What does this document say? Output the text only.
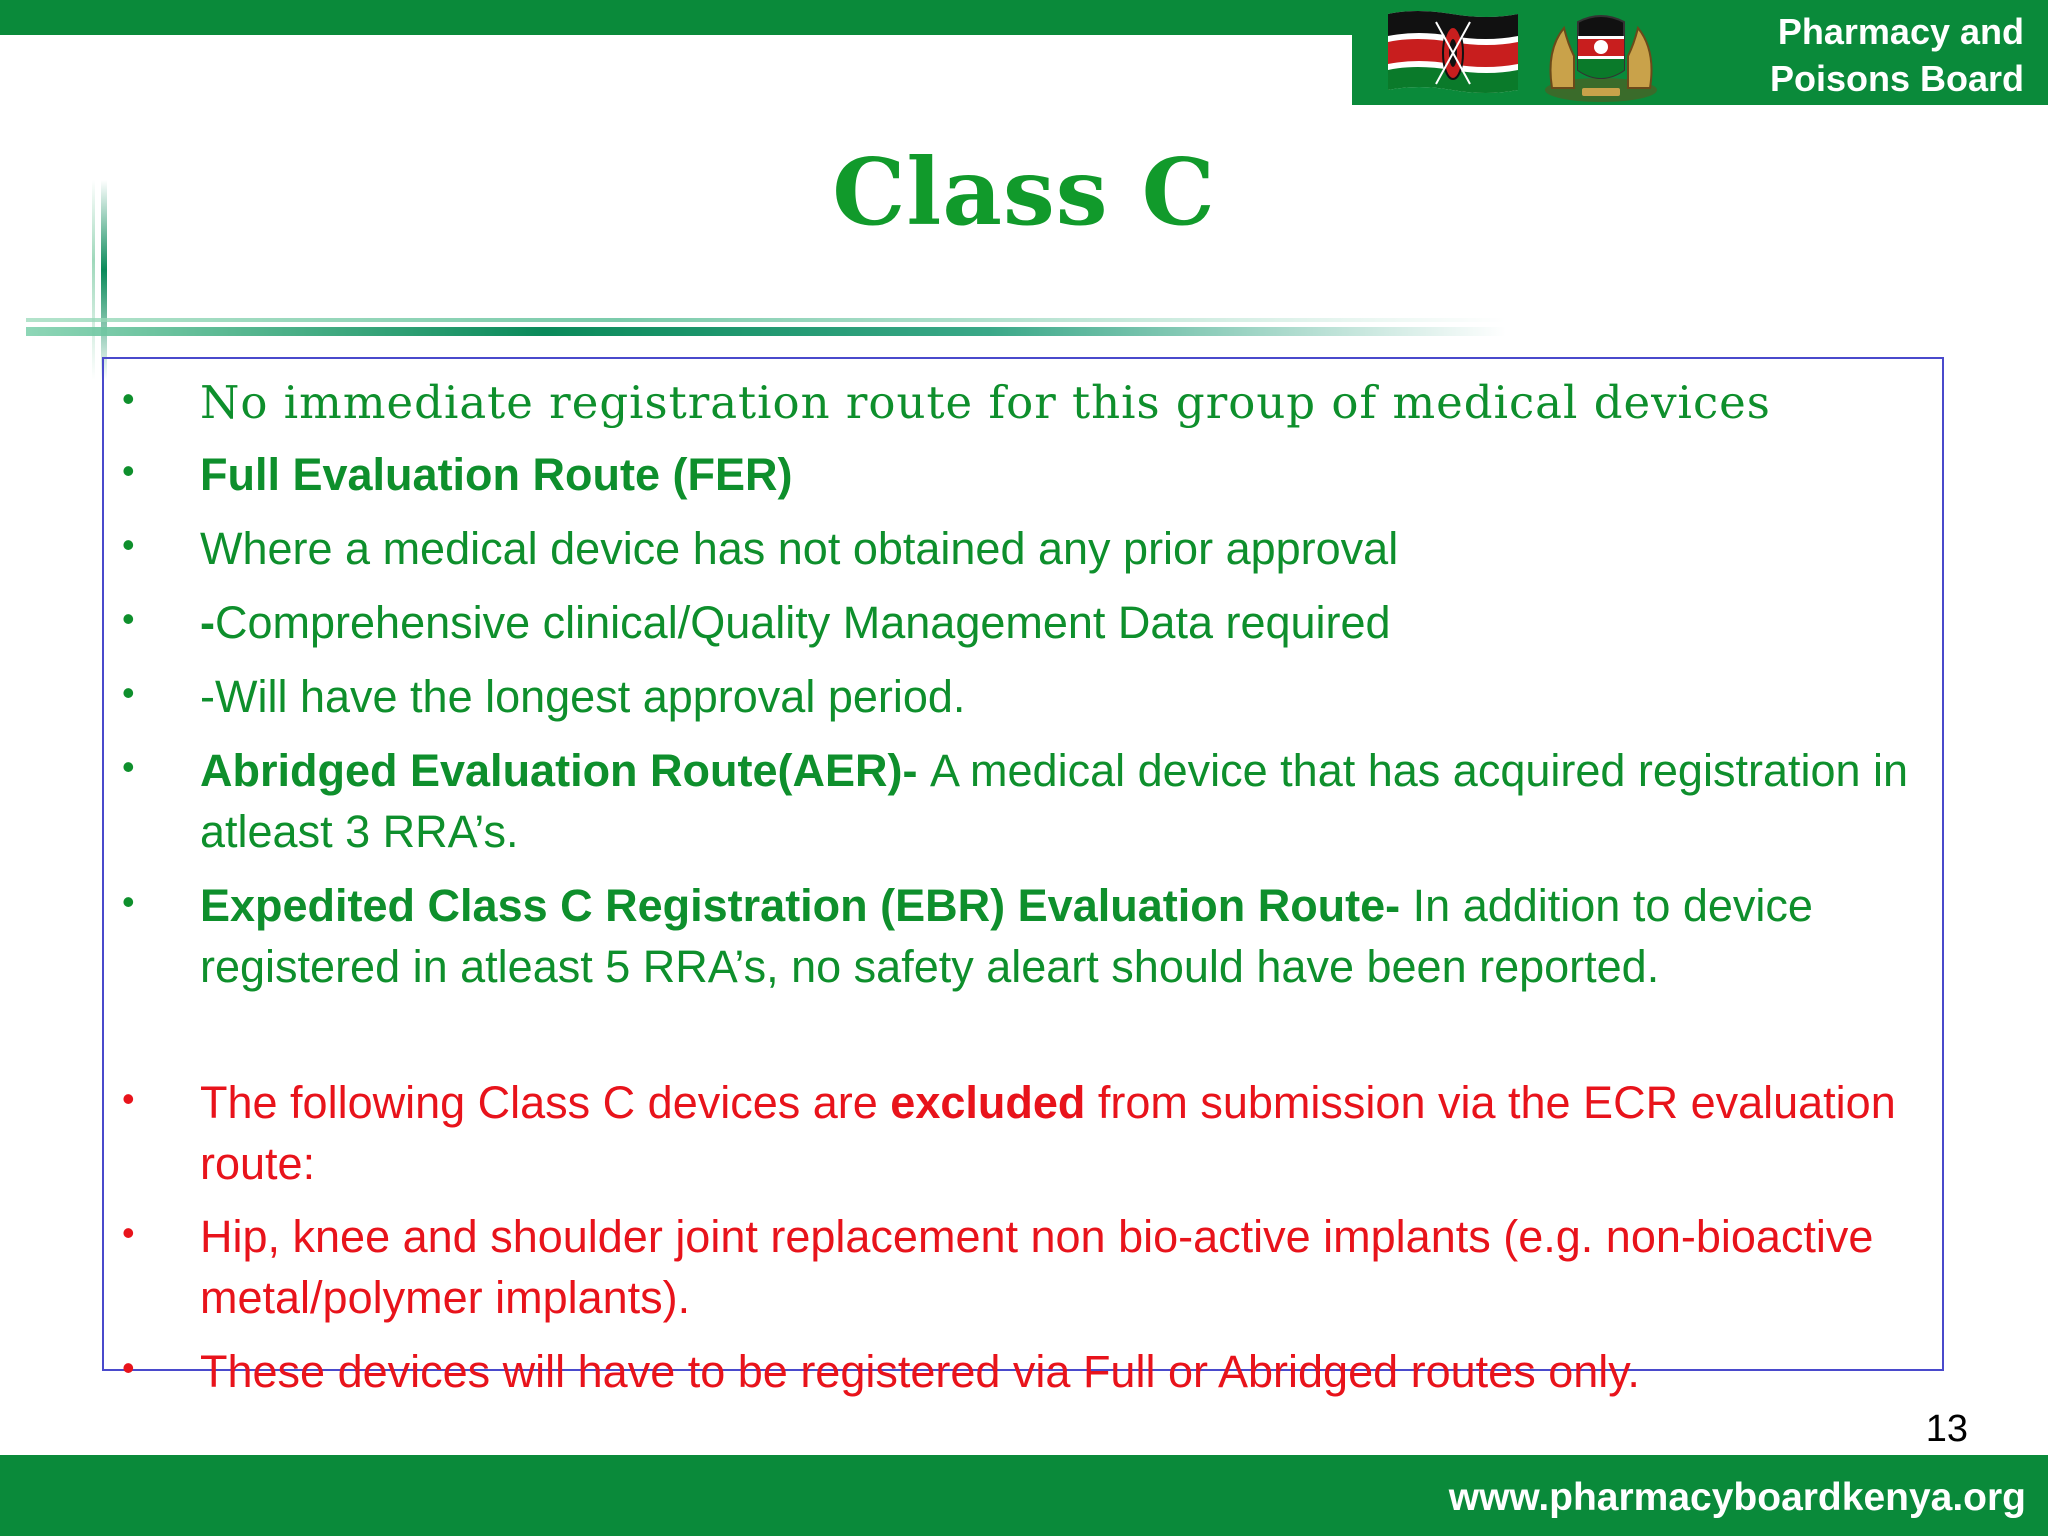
Pharmacy and
Poisons Board
Class C
• No immediate registration route for this group of medical devices
• Full Evaluation Route (FER)
• Where a medical device has not obtained any prior approval
• -Comprehensive clinical/Quality Management Data required
• -Will have the longest approval period.
• Abridged Evaluation Route(AER)- A medical device that has acquired registration in atleast 3 RRA’s.
• Expedited Class C Registration (EBR) Evaluation Route- In addition to device registered in atleast 5 RRA’s, no safety aleart should have been reported.
• The following Class C devices are excluded from submission via the ECR evaluation route:
• Hip, knee and shoulder joint replacement non bio-active implants (e.g. non-bioactive metal/polymer implants).
• These devices will have to be registered via Full or Abridged routes only.
13
www.pharmacyboardkenya.org
